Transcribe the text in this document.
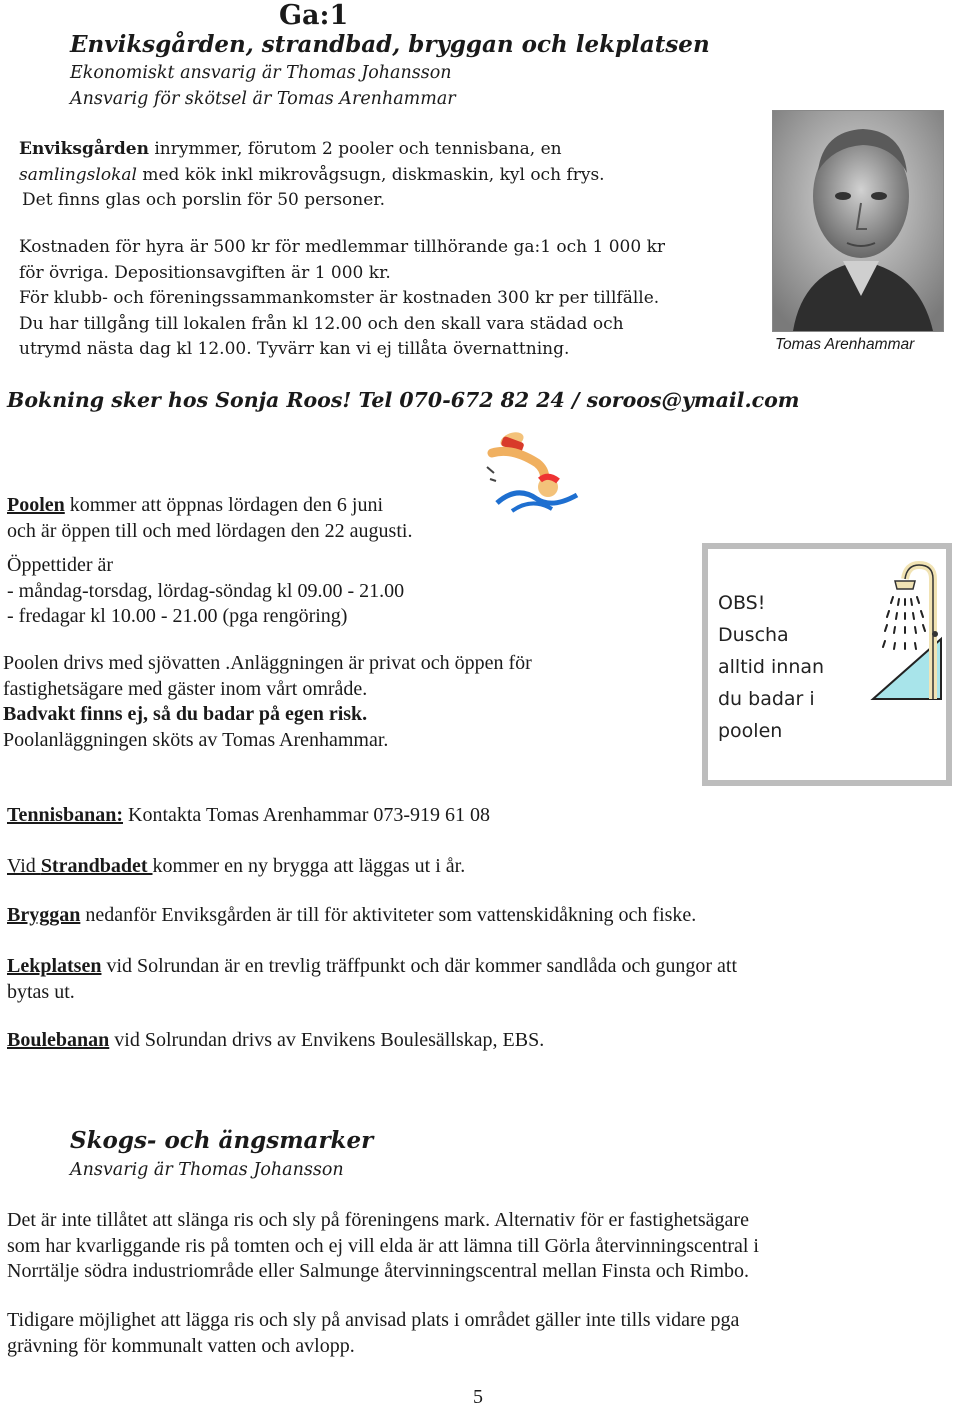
Ga:1
Enviksgården, strandbad, bryggan och lekplatsen
Ekonomiskt ansvarig är Thomas Johansson
Ansvarig för skötsel är Tomas Arenhammar
Enviksgården inrymmer, förutom 2 pooler och tennisbana, en
samlingslokal med kök inkl mikrovågsugn, diskmaskin, kyl och frys.
Det finns glas och porslin för 50 personer.
Kostnaden för hyra är 500 kr för medlemmar tillhörande ga:1 och 1 000 kr
för övriga. Depositionsavgiften är 1 000 kr.
För klubb- och föreningssammankomster är kostnaden 300 kr per tillfälle.
Du har tillgång till lokalen från kl 12.00 och den skall vara städad och
utrymd nästa dag kl 12.00. Tyvärr kan vi ej tillåta övernattning.	Tomas Arenhammar
Bokning sker hos Sonja Roos! Tel 070-672 82 24 / soroos@ymail.com
Poolen kommer att öppnas lördagen den 6 juni
och är öppen till och med lördagen den 22 augusti.
Öppettider är
- måndag-torsdag, lördag-söndag kl 09.00 - 21.00
- fredagar kl 10.00 - 21.00 (pga rengöring)
Poolen drivs med sjövatten .Anläggningen är privat och öppen för
fastighetsägare med gäster inom vårt område.
Badvakt finns ej, så du badar på egen risk.
Poolanläggningen sköts av Tomas Arenhammar.
OBS!
Duscha
alltid innan
du badar i
poolen
Tennisbanan: Kontakta Tomas Arenhammar 073-919 61 08
Vid Strandbadet kommer en ny brygga att läggas ut i år.
Bryggan nedanför Enviksgården är till för aktiviteter som vattenskidåkning och fiske.
Lekplatsen vid Solrundan är en trevlig träffpunkt och där kommer sandlåda och gungor att
bytas ut.
Boulebanan vid Solrundan drivs av Envikens Boulesällskap, EBS.
Skogs- och ängsmarker
Ansvarig är Thomas Johansson
Det är inte tillåtet att slänga ris och sly på föreningens mark. Alternativ för er fastighetsägare
som har kvarliggande ris på tomten och ej vill elda är att lämna till Görla återvinningscentral i
Norrtälje södra industriområde eller Salmunge återvinningscentral mellan Finsta och Rimbo.
Tidigare möjlighet att lägga ris och sly på anvisad plats i området gäller inte tills vidare pga
grävning för kommunalt vatten och avlopp.
5
